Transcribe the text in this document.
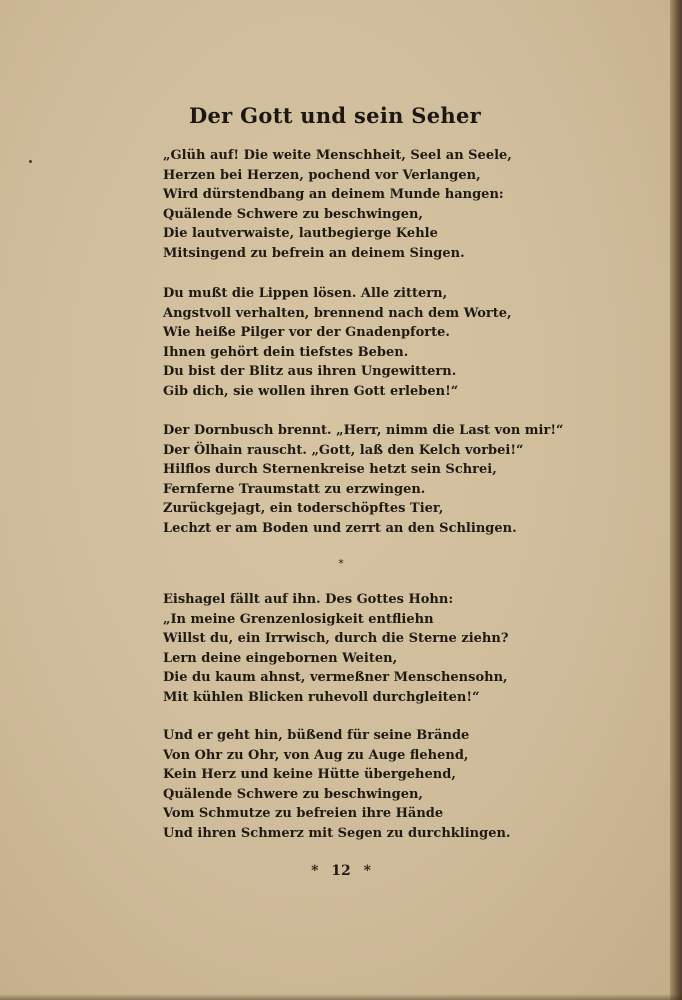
Der Gott und sein Seher
„Glüh auf! Die weite Menschheit, Seel an Seele,
Herzen bei Herzen, pochend vor Verlangen,
Wird dürstendbang an deinem Munde hangen:
Quälende Schwere zu beschwingen,
Die lautverwaiste, lautbegierge Kehle
Mitsingend zu befrein an deinem Singen.
Du mußt die Lippen lösen. Alle zittern,
Angstvoll verhalten, brennend nach dem Worte,
Wie heiße Pilger vor der Gnadenpforte.
Ihnen gehört dein tiefstes Beben.
Du bist der Blitz aus ihren Ungewittern.
Gib dich, sie wollen ihren Gott erleben!“
Der Dornbusch brennt. „Herr, nimm die Last von mir!“
Der Ölhain rauscht. „Gott, laß den Kelch vorbei!“
Hilflos durch Sternenkreise hetzt sein Schrei,
Fernferne Traumstatt zu erzwingen.
Zurückgejagt, ein toderschöpftes Tier,
Lechzt er am Boden und zerrt an den Schlingen.
*
Eishagel fällt auf ihn. Des Gottes Hohn:
„In meine Grenzenlosigkeit entfliehn
Willst du, ein Irrwisch, durch die Sterne ziehn?
Lern deine eingebornen Weiten,
Die du kaum ahnst, vermeßner Menschensohn,
Mit kühlen Blicken ruhevoll durchgleiten!“
Und er geht hin, büßend für seine Brände
Von Ohr zu Ohr, von Aug zu Auge flehend,
Kein Herz und keine Hütte übergehend,
Quälende Schwere zu beschwingen,
Vom Schmutze zu befreien ihre Hände
Und ihren Schmerz mit Segen zu durchklingen.
* 12 *
